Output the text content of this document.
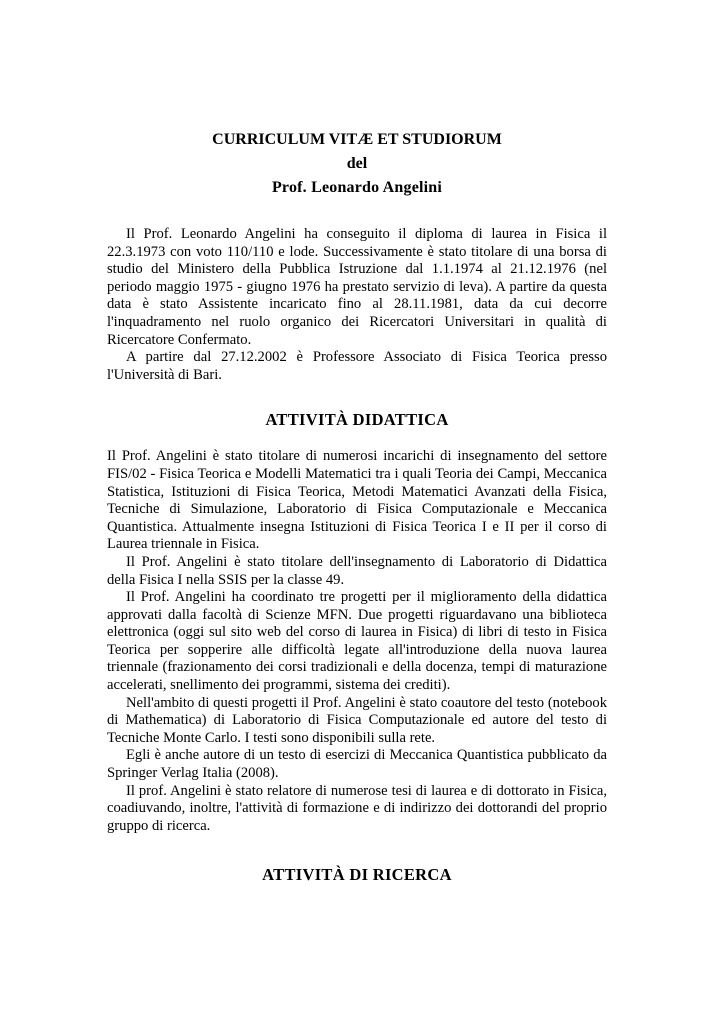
CURRICULUM VITÆ ET STUDIORUM
del
Prof. Leonardo Angelini

Il Prof. Leonardo Angelini ha conseguito il diploma di laurea in Fisica il 22.3.1973 con voto 110/110 e lode. Successivamente è stato titolare di una borsa di studio del Ministero della Pubblica Istruzione dal 1.1.1974 al 21.12.1976 (nel periodo maggio 1975 - giugno 1976 ha prestato servizio di leva). A partire da questa data è stato Assistente incaricato fino al 28.11.1981, data da cui decorre l'inquadramento nel ruolo organico dei Ricercatori Universitari in qualità di Ricercatore Confermato.

A partire dal 27.12.2002 è Professore Associato di Fisica Teorica presso l'Università di Bari.

ATTIVITÀ DIDATTICA

Il Prof. Angelini è stato titolare di numerosi incarichi di insegnamento del settore FIS/02 - Fisica Teorica e Modelli Matematici tra i quali Teoria dei Campi, Meccanica Statistica, Istituzioni di Fisica Teorica, Metodi Matematici Avanzati della Fisica, Tecniche di Simulazione, Laboratorio di Fisica Computazionale e Meccanica Quantistica. Attualmente insegna Istituzioni di Fisica Teorica I e II per il corso di Laurea triennale in Fisica.

Il Prof. Angelini è stato titolare dell'insegnamento di Laboratorio di Didattica della Fisica I nella SSIS per la classe 49.

Il Prof. Angelini ha coordinato tre progetti per il miglioramento della didattica approvati dalla facoltà di Scienze MFN. Due progetti riguardavano una biblioteca elettronica (oggi sul sito web del corso di laurea in Fisica) di libri di testo in Fisica Teorica per sopperire alle difficoltà legate all'introduzione della nuova laurea triennale (frazionamento dei corsi tradizionali e della docenza, tempi di maturazione accelerati, snellimento dei programmi, sistema dei crediti).

Nell'ambito di questi progetti il Prof. Angelini è stato coautore del testo (notebook di Mathematica) di Laboratorio di Fisica Computazionale ed autore del testo di Tecniche Monte Carlo. I testi sono disponibili sulla rete.

Egli è anche autore di un testo di esercizi di Meccanica Quantistica pubblicato da Springer Verlag Italia (2008).

Il prof. Angelini è stato relatore di numerose tesi di laurea e di dottorato in Fisica, coadiuvando, inoltre, l'attività di formazione e di indirizzo dei dottorandi del proprio gruppo di ricerca.

ATTIVITÀ DI RICERCA
